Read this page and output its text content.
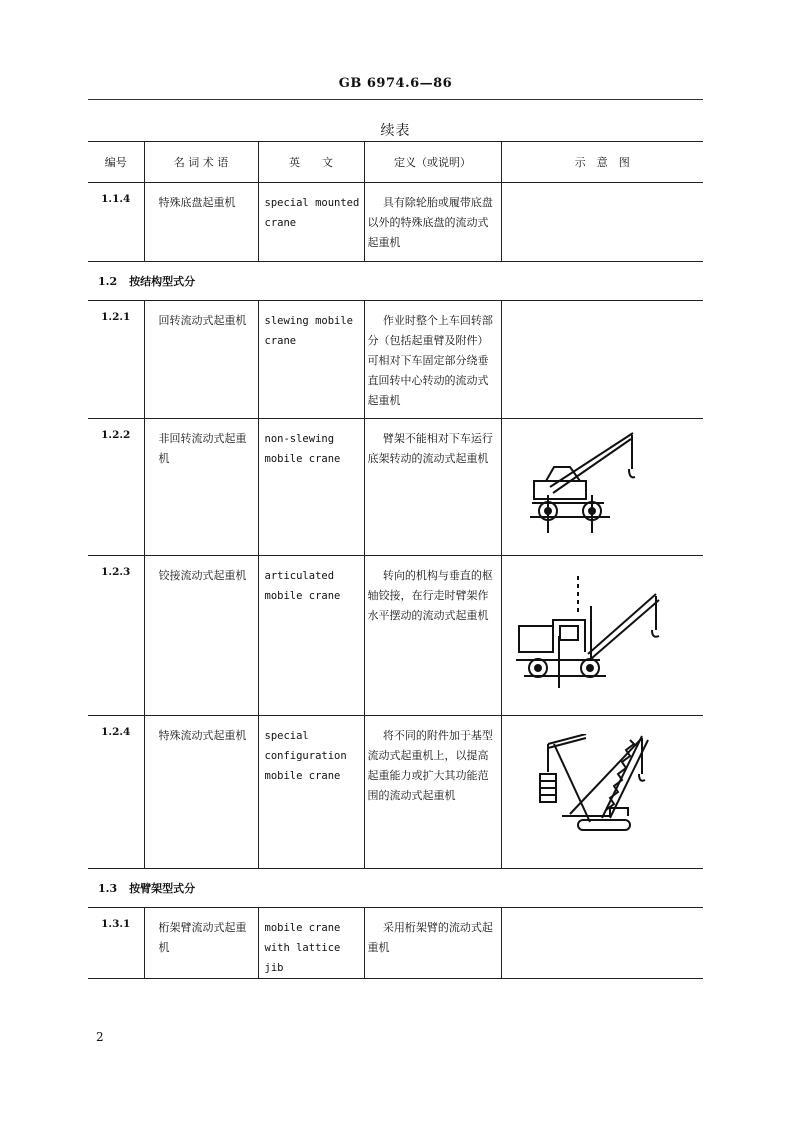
GB 6974.6—86
续表
编号	名 词 术 语	英　　文	定义（或说明）	示　意　图
1.1.4	特殊底盘起重机	special mounted crane	具有除轮胎或履带底盘以外的特殊底盘的流动式起重机	
1.2 按结构型式分				
1.2.1	回转流动式起重机	slewing mobile crane	作业时整个上车回转部分（包括起重臂及附件）可相对下车固定部分绕垂直回转中心转动的流动式起重机	
1.2.2	非回转流动式起重机	non-slewing mobile crane	臂架不能相对下车运行底架转动的流动式起重机	

1.2.3	铰接流动式起重机	articulated mobile crane	转向的机构与垂直的枢轴铰接，在行走时臂架作水平摆动的流动式起重机	

1.2.4	特殊流动式起重机	special configuration mobile crane	将不同的附件加于基型流动式起重机上，以提高起重能力或扩大其功能范围的流动式起重机	

1.3 按臂架型式分				
1.3.1	桁架臂流动式起重机	mobile crane with lattice jib	采用桁架臂的流动式起重机	
2
